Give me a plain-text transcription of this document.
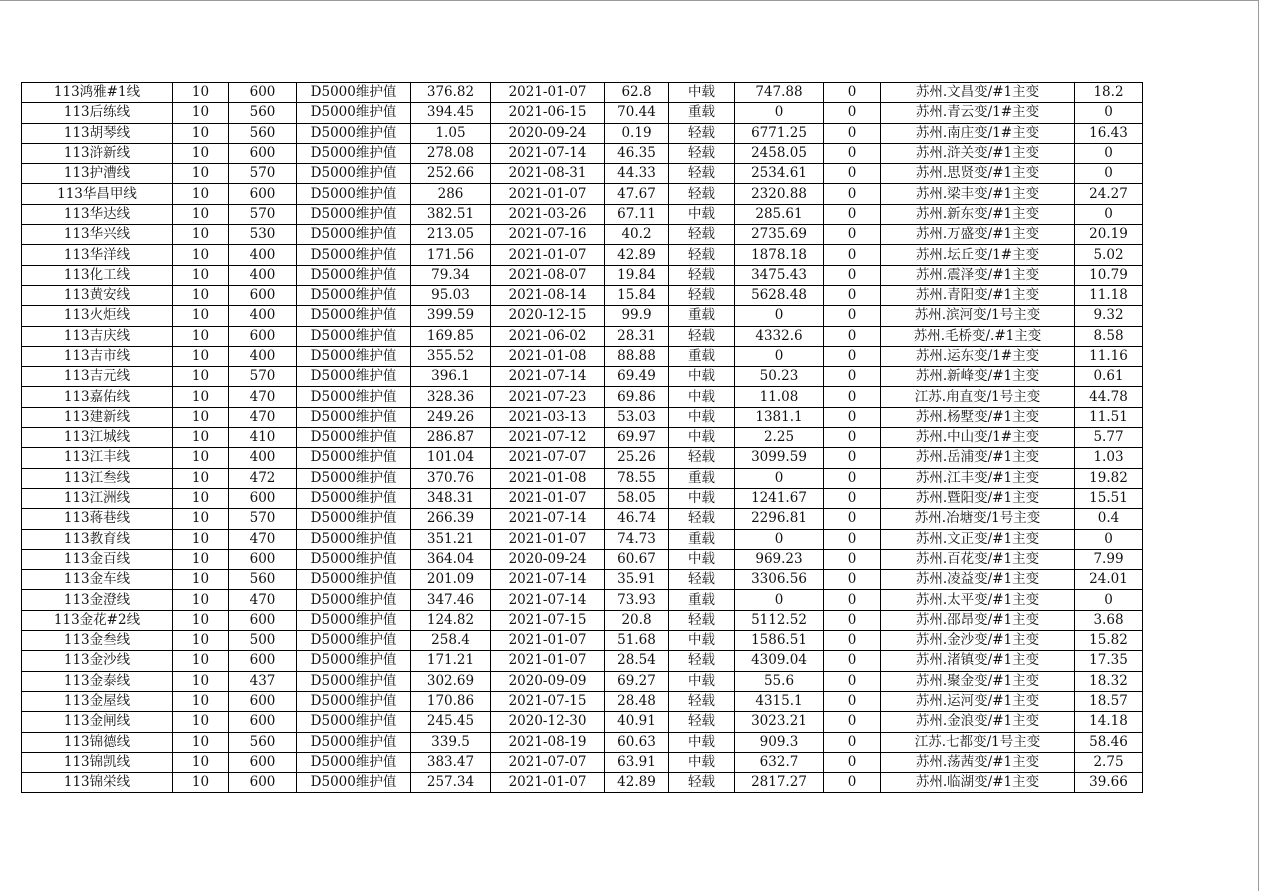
113鸿雅#1线	10	600	D5000维护值	376.82	2021-01-07	62.8	中载	747.88	0	苏州.文昌变/#1主变	18.2
113后练线	10	560	D5000维护值	394.45	2021-06-15	70.44	重载	0	0	苏州.青云变/1#主变	0
113胡琴线	10	560	D5000维护值	1.05	2020-09-24	0.19	轻载	6771.25	0	苏州.南庄变/1#主变	16.43
113浒新线	10	600	D5000维护值	278.08	2021-07-14	46.35	轻载	2458.05	0	苏州.浒关变/#1主变	0
113护漕线	10	570	D5000维护值	252.66	2021-08-31	44.33	轻载	2534.61	0	苏州.思贤变/#1主变	0
113华昌甲线	10	600	D5000维护值	286	2021-01-07	47.67	轻载	2320.88	0	苏州.梁丰变/#1主变	24.27
113华达线	10	570	D5000维护值	382.51	2021-03-26	67.11	中载	285.61	0	苏州.新东变/#1主变	0
113华兴线	10	530	D5000维护值	213.05	2021-07-16	40.2	轻载	2735.69	0	苏州.万盛变/#1主变	20.19
113华洋线	10	400	D5000维护值	171.56	2021-01-07	42.89	轻载	1878.18	0	苏州.坛丘变/1#主变	5.02
113化工线	10	400	D5000维护值	79.34	2021-08-07	19.84	轻载	3475.43	0	苏州.震泽变/#1主变	10.79
113黄安线	10	600	D5000维护值	95.03	2021-08-14	15.84	轻载	5628.48	0	苏州.青阳变/#1主变	11.18
113火炬线	10	400	D5000维护值	399.59	2020-12-15	99.9	重载	0	0	苏州.滨河变/1号主变	9.32
113吉庆线	10	600	D5000维护值	169.85	2021-06-02	28.31	轻载	4332.6	0	苏州.毛桥变/.#1主变	8.58
113吉市线	10	400	D5000维护值	355.52	2021-01-08	88.88	重载	0	0	苏州.运东变/1#主变	11.16
113吉元线	10	570	D5000维护值	396.1	2021-07-14	69.49	中载	50.23	0	苏州.新峰变/#1主变	0.61
113嘉佑线	10	470	D5000维护值	328.36	2021-07-23	69.86	中载	11.08	0	江苏.甪直变/1号主变	44.78
113建新线	10	470	D5000维护值	249.26	2021-03-13	53.03	中载	1381.1	0	苏州.杨墅变/#1主变	11.51
113江城线	10	410	D5000维护值	286.87	2021-07-12	69.97	中载	2.25	0	苏州.中山变/1#主变	5.77
113江丰线	10	400	D5000维护值	101.04	2021-07-07	25.26	轻载	3099.59	0	苏州.岳浦变/#1主变	1.03
113江叁线	10	472	D5000维护值	370.76	2021-01-08	78.55	重载	0	0	苏州.江丰变/#1主变	19.82
113江洲线	10	600	D5000维护值	348.31	2021-01-07	58.05	中载	1241.67	0	苏州.暨阳变/#1主变	15.51
113蒋巷线	10	570	D5000维护值	266.39	2021-07-14	46.74	轻载	2296.81	0	苏州.冶塘变/1号主变	0.4
113教育线	10	470	D5000维护值	351.21	2021-01-07	74.73	重载	0	0	苏州.文正变/#1主变	0
113金百线	10	600	D5000维护值	364.04	2020-09-24	60.67	中载	969.23	0	苏州.百花变/#1主变	7.99
113金车线	10	560	D5000维护值	201.09	2021-07-14	35.91	轻载	3306.56	0	苏州.凌益变/#1主变	24.01
113金澄线	10	470	D5000维护值	347.46	2021-07-14	73.93	重载	0	0	苏州.太平变/#1主变	0
113金花#2线	10	600	D5000维护值	124.82	2021-07-15	20.8	轻载	5112.52	0	苏州.邵昂变/#1主变	3.68
113金叁线	10	500	D5000维护值	258.4	2021-01-07	51.68	中载	1586.51	0	苏州.金沙变/#1主变	15.82
113金沙线	10	600	D5000维护值	171.21	2021-01-07	28.54	轻载	4309.04	0	苏州.渚镇变/#1主变	17.35
113金泰线	10	437	D5000维护值	302.69	2020-09-09	69.27	中载	55.6	0	苏州.聚金变/#1主变	18.32
113金屋线	10	600	D5000维护值	170.86	2021-07-15	28.48	轻载	4315.1	0	苏州.运河变/#1主变	18.57
113金闸线	10	600	D5000维护值	245.45	2020-12-30	40.91	轻载	3023.21	0	苏州.金浪变/#1主变	14.18
113锦德线	10	560	D5000维护值	339.5	2021-08-19	60.63	中载	909.3	0	江苏.七都变/1号主变	58.46
113锦凯线	10	600	D5000维护值	383.47	2021-07-07	63.91	中载	632.7	0	苏州.荡茜变/#1主变	2.75
113锦栄线	10	600	D5000维护值	257.34	2021-01-07	42.89	轻载	2817.27	0	苏州.临湖变/#1主变	39.66
